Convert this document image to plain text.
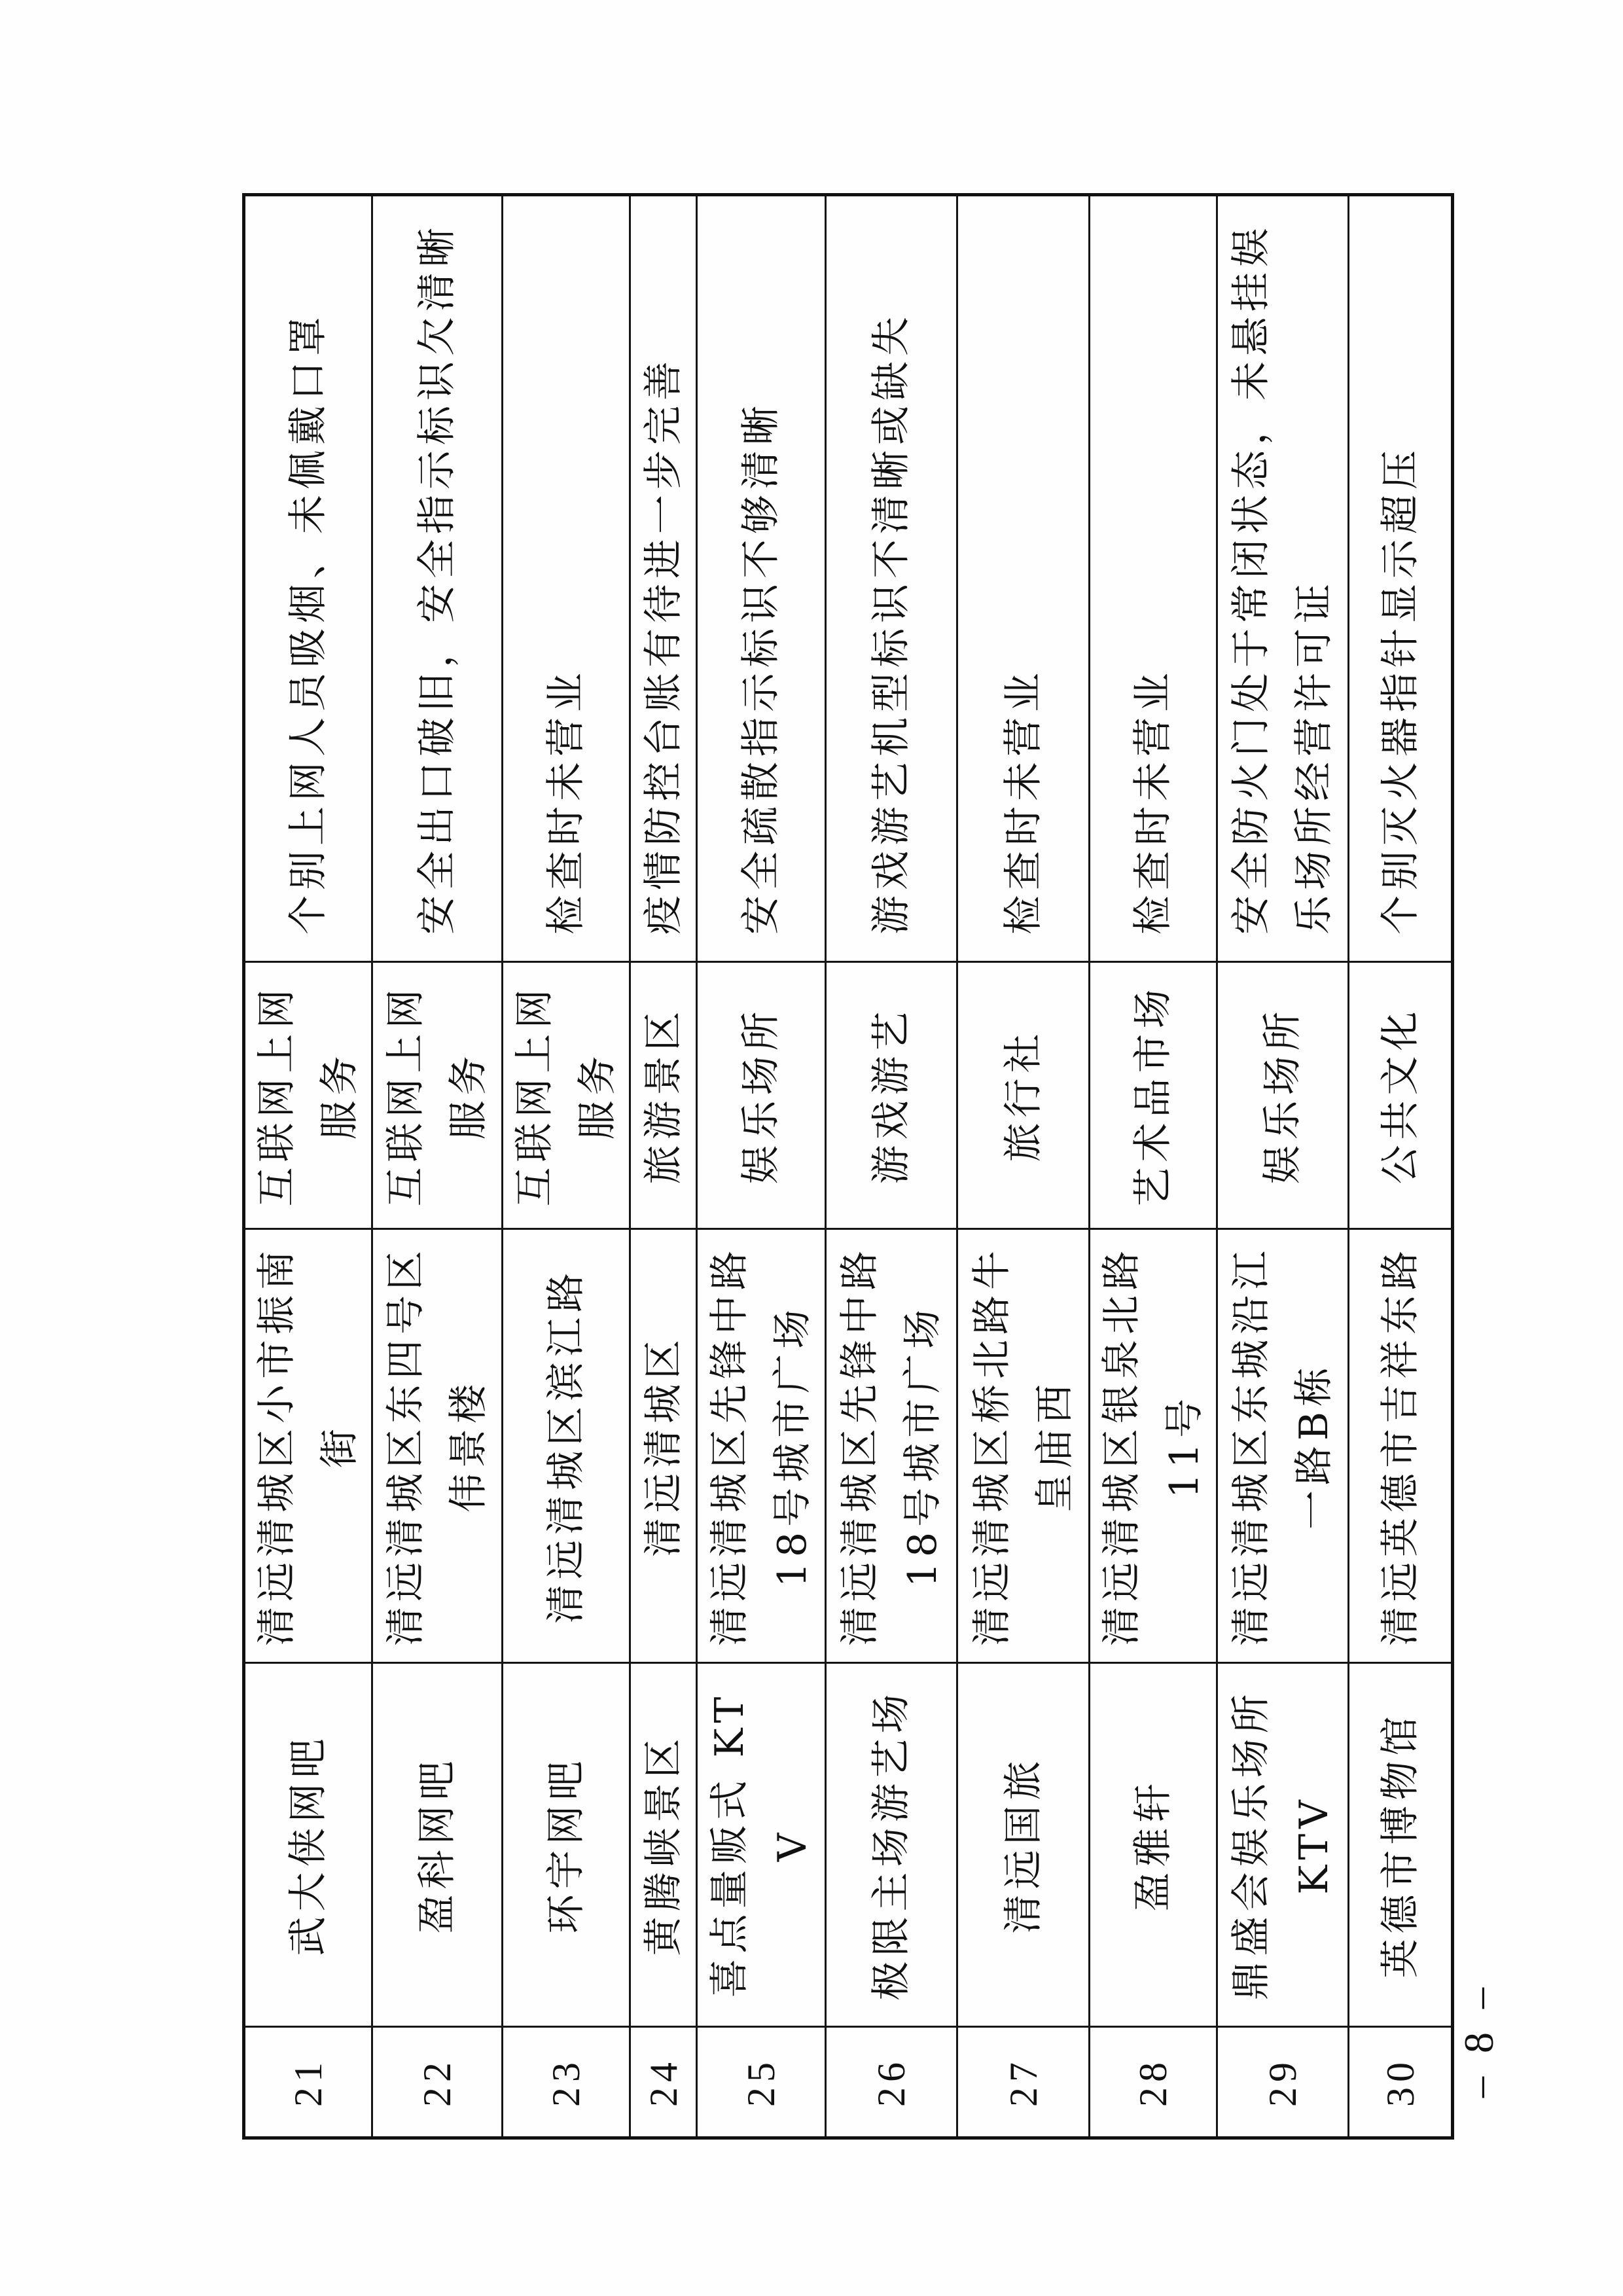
21	武大侠网吧	清远清城区小市振南街	互联网上网服务	个别上网人员吸烟、未佩戴口罩
22	盈科网吧	清远清城区东四号区伟景楼	互联网上网服务	安全出口破旧，安全指示标识欠清晰
23	环宇网吧	清远清城区滨江路	互联网上网服务	检查时未营业
24	黄腾峡景区	清远清城区	旅游景区	疫情防控台账有待进一步完善
25	喜点量贩式 KTV	清远清城区先锋中路18号城市广场	娱乐场所	安全疏散指示标识不够清晰
26	极限主场游艺场	清远清城区先锋中路18号城市广场	游戏游艺	游戏游艺机型标识不清晰或缺失
27	清远国旅	清远清城区桥北路牛皇庙西	旅行社	检查时未营业
28	盈雅轩	清远清城区银泉北路11号	艺术品市场	检查时未营业
29	鼎盛会娱乐场所 KTV	清远清城区东城沿江一路B栋	娱乐场所	安全防火门处于常闭状态，未悬挂娱乐场所经营许可证
30	英德市博物馆	清远英德市吉祥东路	公共文化	个别灭火器指针显示超压
– 8 –
